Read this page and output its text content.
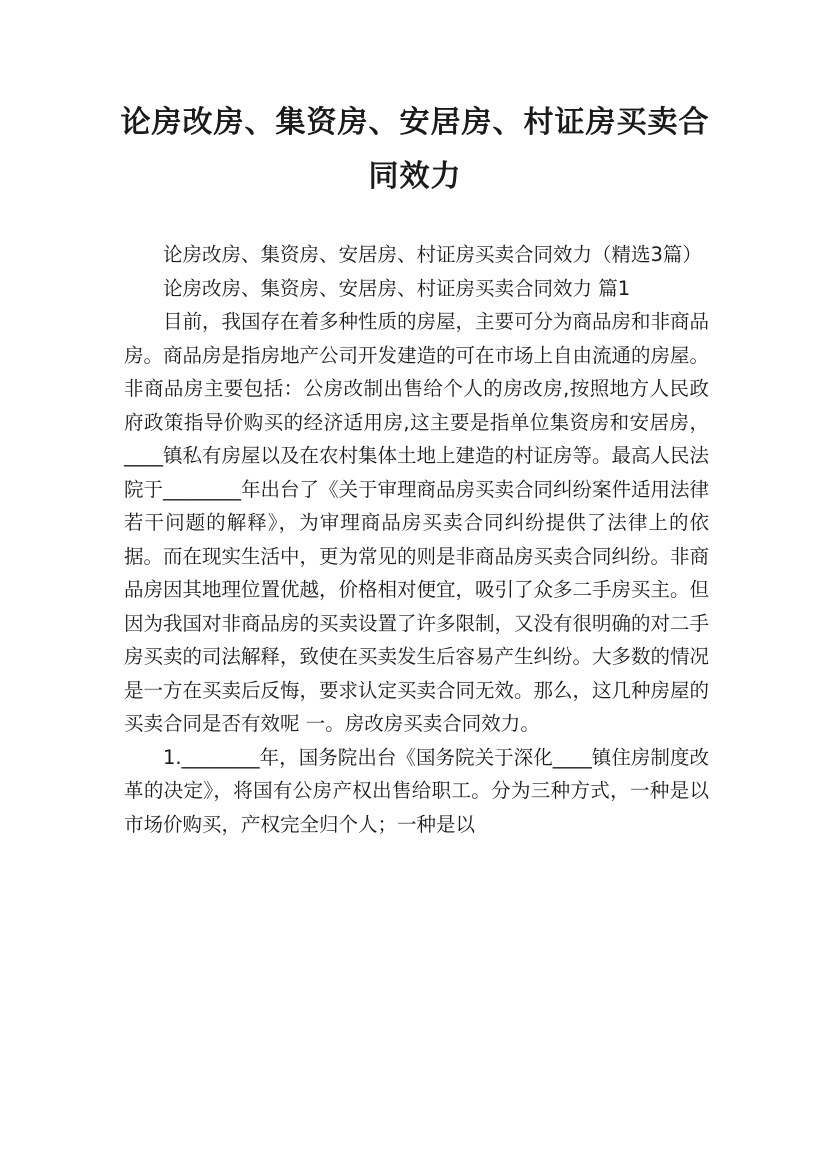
论房改房、集资房、安居房、村证房买卖合同效力

论房改房、集资房、安居房、村证房买卖合同效力（精选3篇）

论房改房、集资房、安居房、村证房买卖合同效力 篇1

目前，我国存在着多种性质的房屋，主要可分为商品房和非商品房。商品房是指房地产公司开发建造的可在市场上自由流通的房屋。非商品房主要包括：公房改制出售给个人的房改房,按照地方人民政府政策指导价购买的经济适用房,这主要是指单位集资房和安居房，____镇私有房屋以及在农村集体土地上建造的村证房等。最高人民法院于________年出台了《关于审理商品房买卖合同纠纷案件适用法律若干问题的解释》，为审理商品房买卖合同纠纷提供了法律上的依据。而在现实生活中，更为常见的则是非商品房买卖合同纠纷。非商品房因其地理位置优越，价格相对便宜，吸引了众多二手房买主。但因为我国对非商品房的买卖设置了许多限制，又没有很明确的对二手房买卖的司法解释，致使在买卖发生后容易产生纠纷。大多数的情况是一方在买卖后反悔，要求认定买卖合同无效。那么，这几种房屋的买卖合同是否有效呢 一。房改房买卖合同效力。

1.________年，国务院出台《国务院关于深化____镇住房制度改革的决定》，将国有公房产权出售给职工。分为三种方式，一种是以市场价购买，产权完全归个人；一种是以
